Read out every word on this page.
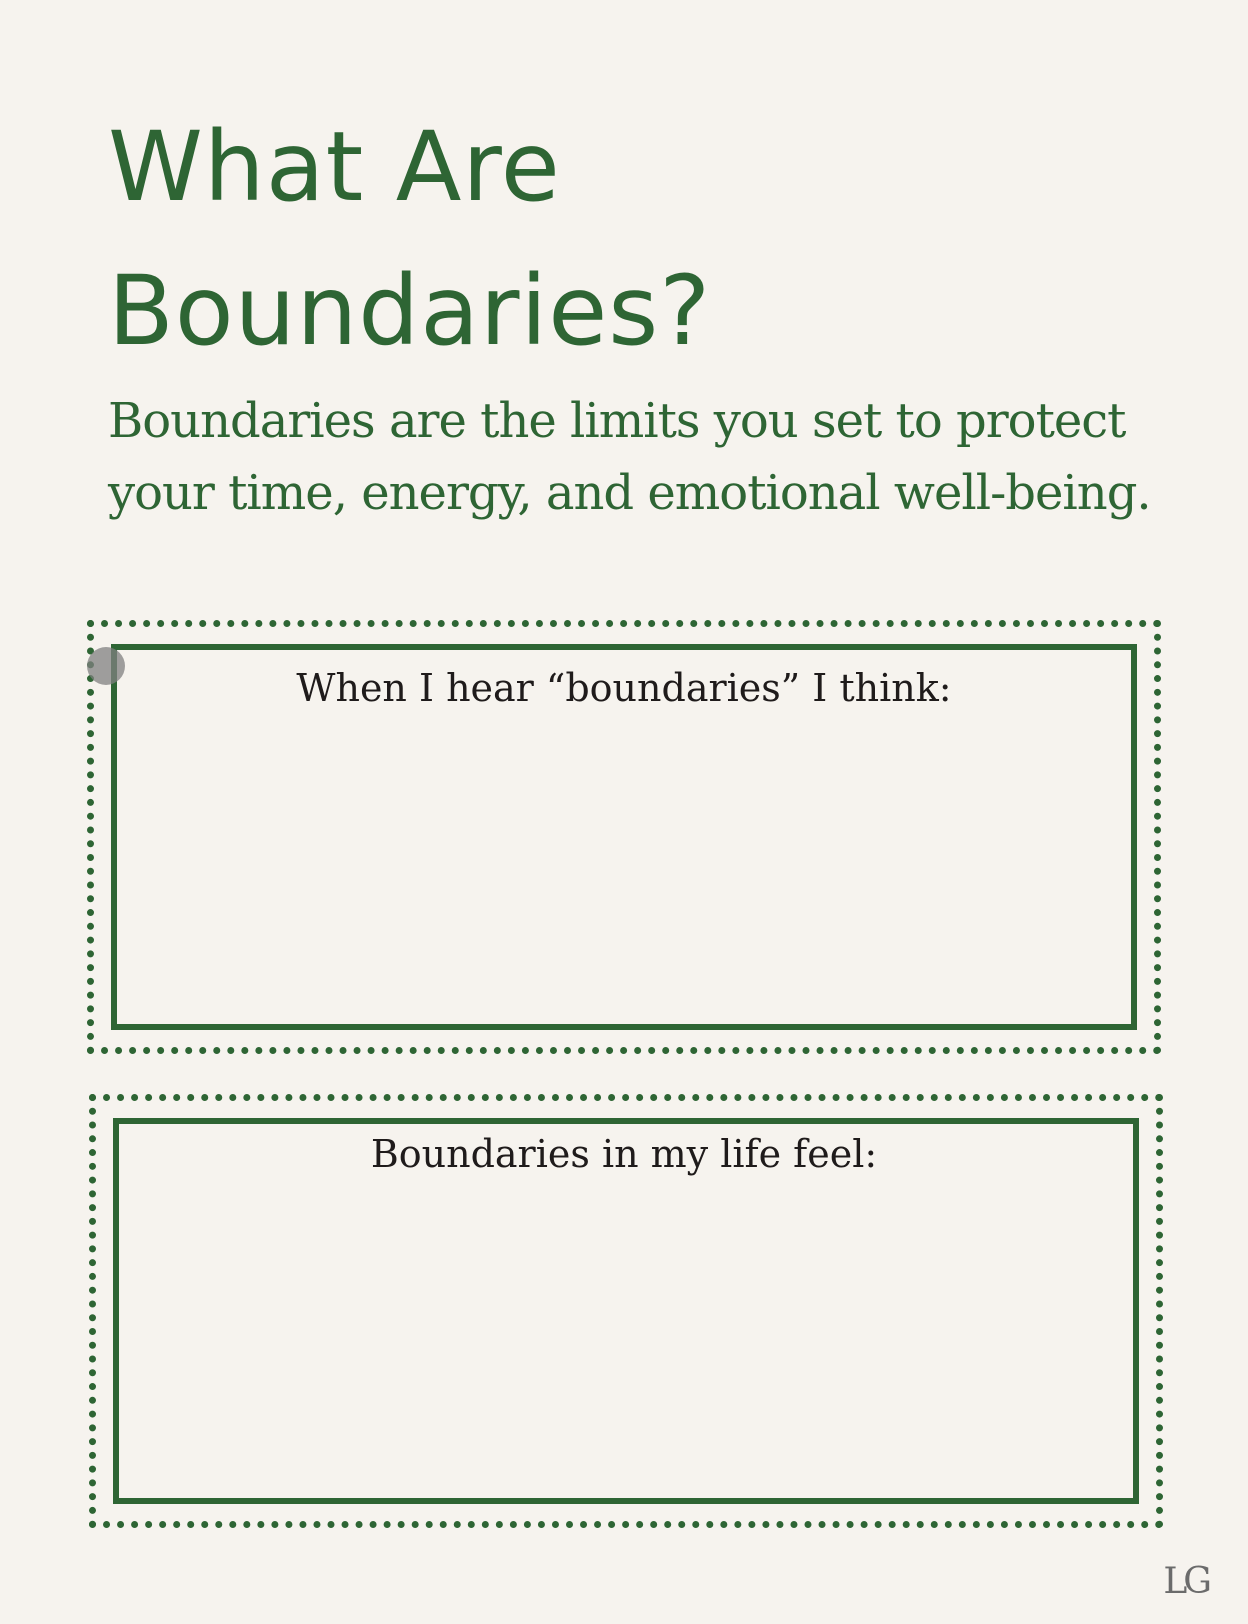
What Are
Boundaries?

Boundaries are the limits you set to protect your time, energy, and emotional well-being.

When I hear “boundaries” I think:
Boundaries in my life feel:
LG
